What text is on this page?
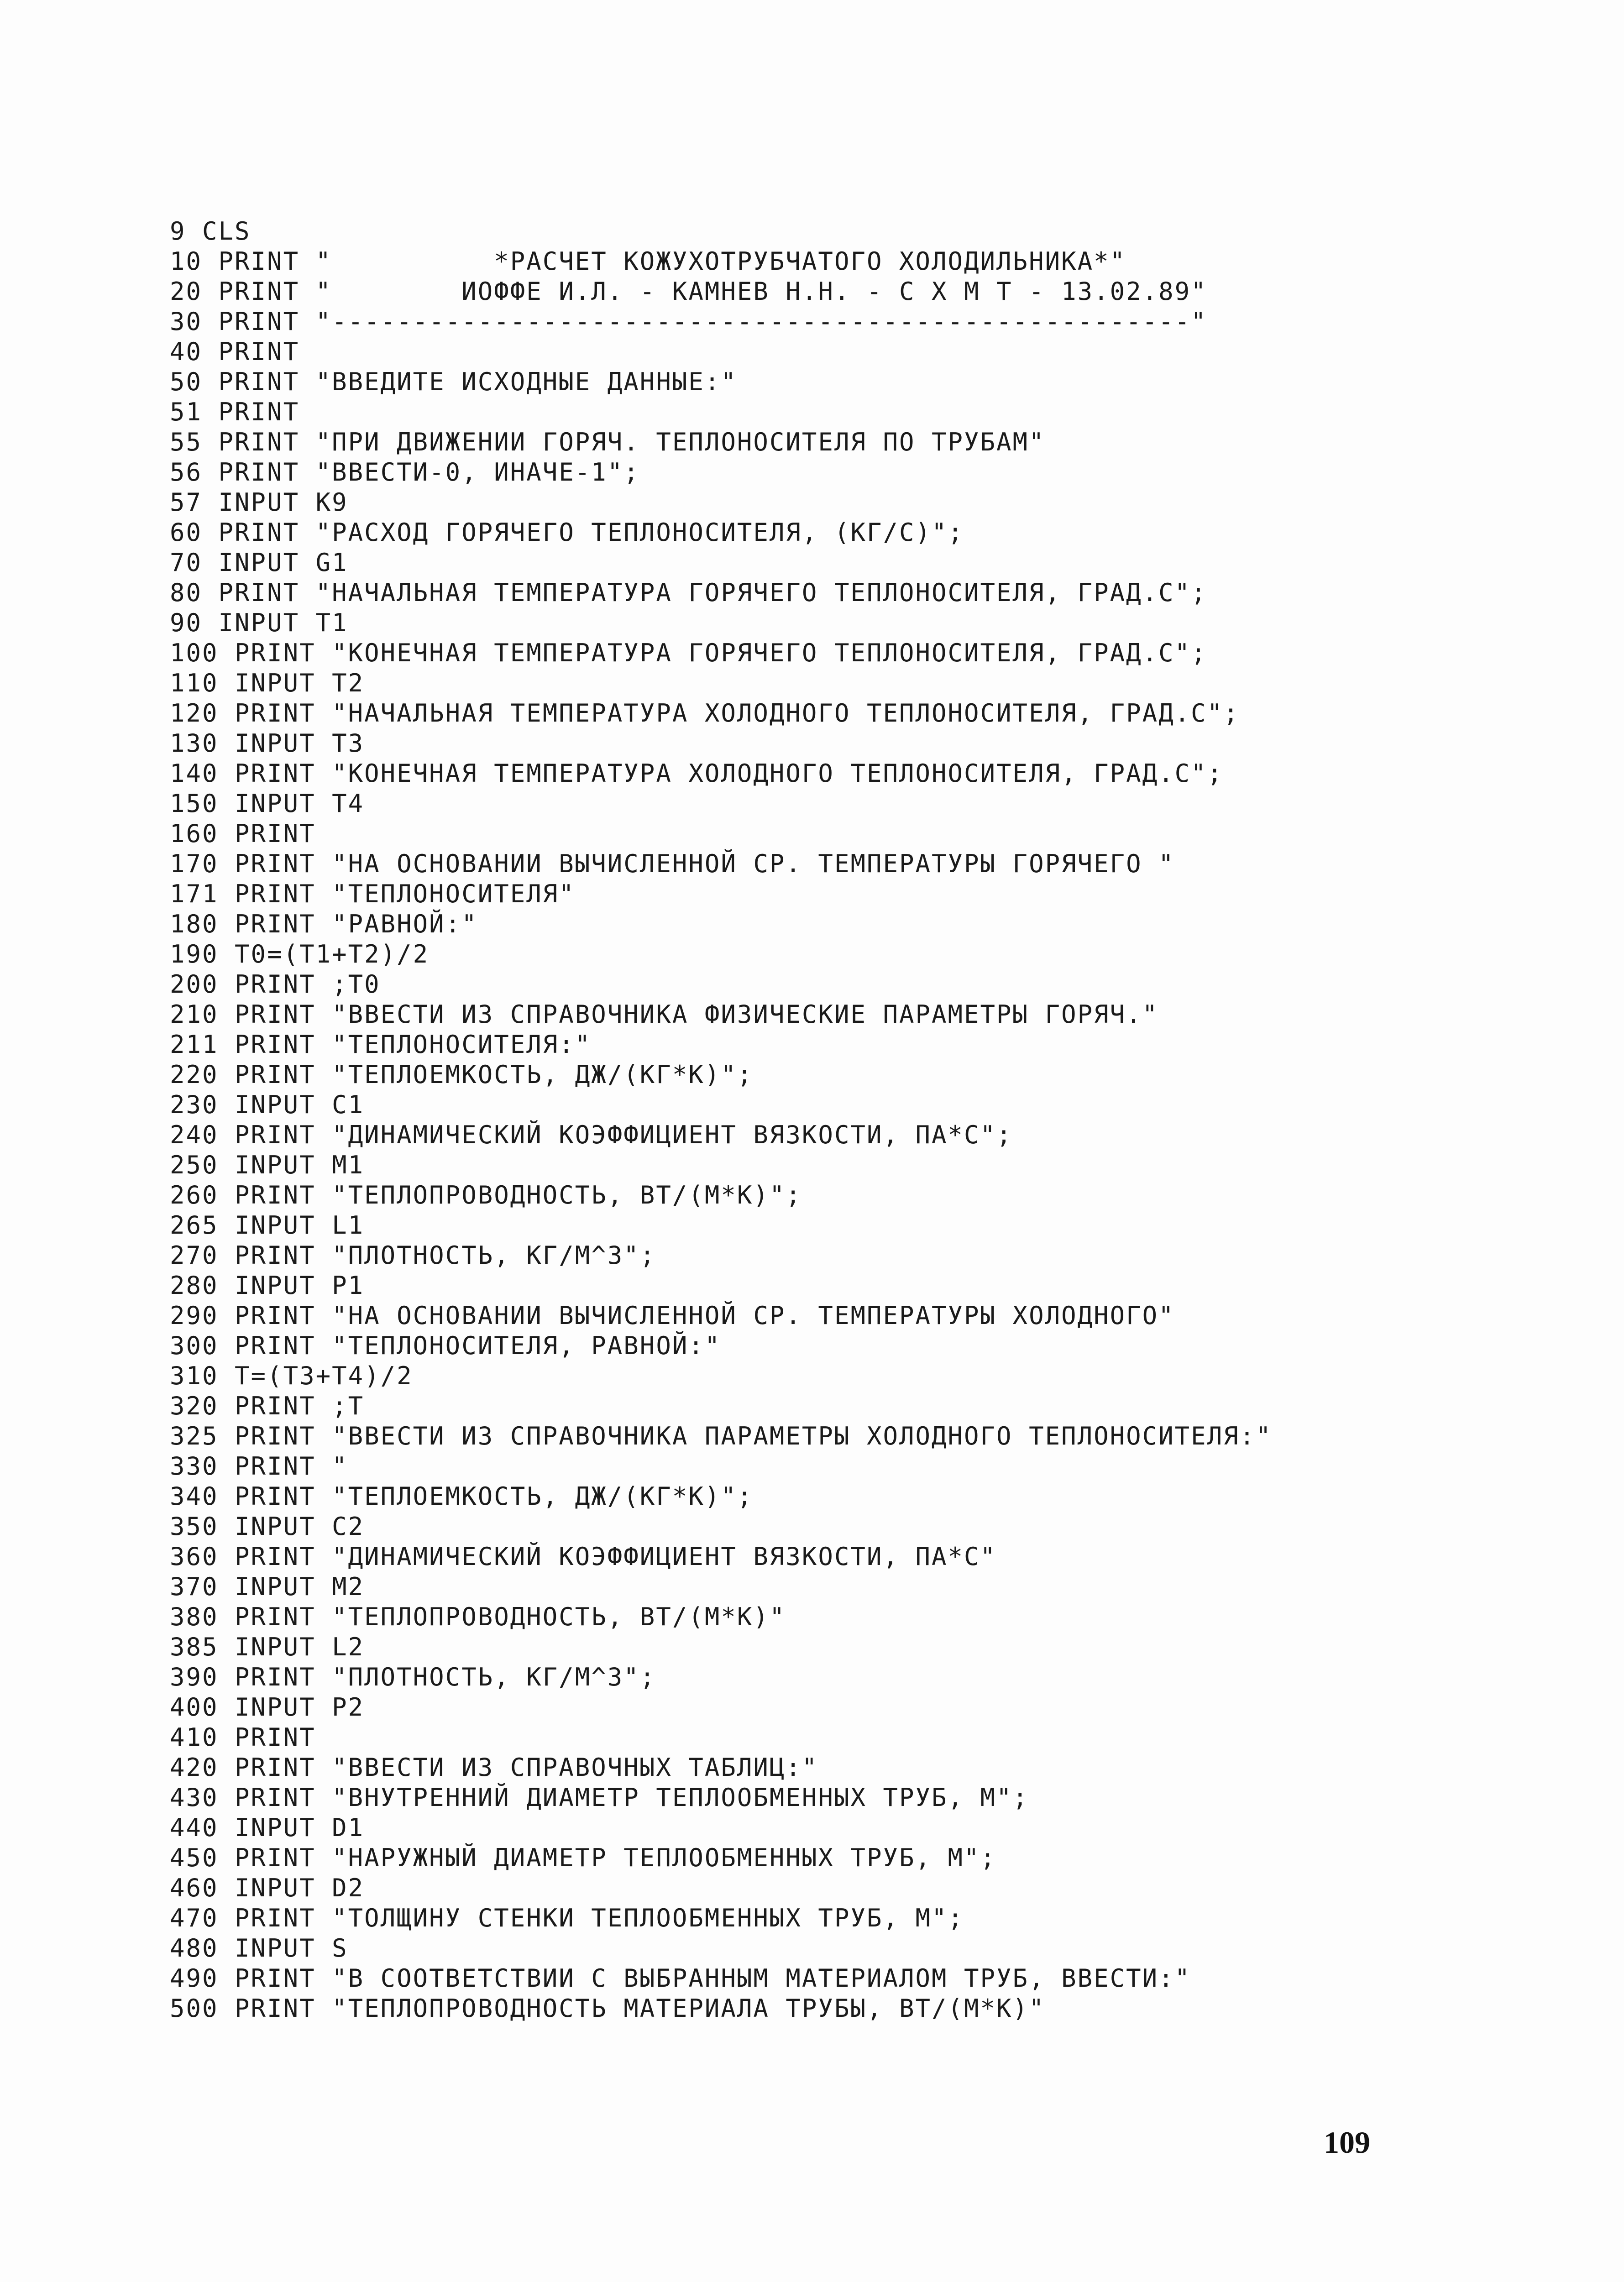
9 CLS
10 PRINT "          *РАСЧЕТ КОЖУХОТРУБЧАТОГО ХОЛОДИЛЬНИКА*"
20 PRINT "        ИОФФЕ И.Л. - КАМНЕВ Н.Н. - С Х М Т - 13.02.89"
30 PRINT "-----------------------------------------------------"
40 PRINT
50 PRINT "ВВЕДИТЕ ИСХОДНЫЕ ДАННЫЕ:"
51 PRINT
55 PRINT "ПРИ ДВИЖЕНИИ ГОРЯЧ. ТЕПЛОНОСИТЕЛЯ ПО ТРУБАМ"
56 PRINT "ВВЕСТИ-0, ИНАЧЕ-1";
57 INPUT K9
60 PRINT "РАСХОД ГОРЯЧЕГО ТЕПЛОНОСИТЕЛЯ, (КГ/С)";
70 INPUT G1
80 PRINT "НАЧАЛЬНАЯ ТЕМПЕРАТУРА ГОРЯЧЕГО ТЕПЛОНОСИТЕЛЯ, ГРАД.С";
90 INPUT T1
100 PRINT "КОНЕЧНАЯ ТЕМПЕРАТУРА ГОРЯЧЕГО ТЕПЛОНОСИТЕЛЯ, ГРАД.С";
110 INPUT T2
120 PRINT "НАЧАЛЬНАЯ ТЕМПЕРАТУРА ХОЛОДНОГО ТЕПЛОНОСИТЕЛЯ, ГРАД.С";
130 INPUT T3
140 PRINT "КОНЕЧНАЯ ТЕМПЕРАТУРА ХОЛОДНОГО ТЕПЛОНОСИТЕЛЯ, ГРАД.С";
150 INPUT T4
160 PRINT
170 PRINT "НА ОСНОВАНИИ ВЫЧИСЛЕННОЙ СР. ТЕМПЕРАТУРЫ ГОРЯЧЕГО "
171 PRINT "ТЕПЛОНОСИТЕЛЯ"
180 PRINT "РАВНОЙ:"
190 T0=(T1+T2)/2
200 PRINT ;T0
210 PRINT "ВВЕСТИ ИЗ СПРАВОЧНИКА ФИЗИЧЕСКИЕ ПАРАМЕТРЫ ГОРЯЧ."
211 PRINT "ТЕПЛОНОСИТЕЛЯ:"
220 PRINT "ТЕПЛОЕМКОСТЬ, ДЖ/(КГ*К)";
230 INPUT C1
240 PRINT "ДИНАМИЧЕСКИЙ КОЭФФИЦИЕНТ ВЯЗКОСТИ, ПА*С";
250 INPUT M1
260 PRINT "ТЕПЛОПРОВОДНОСТЬ, ВТ/(М*К)";
265 INPUT L1
270 PRINT "ПЛОТНОСТЬ, КГ/М^3";
280 INPUT P1
290 PRINT "НА ОСНОВАНИИ ВЫЧИСЛЕННОЙ СР. ТЕМПЕРАТУРЫ ХОЛОДНОГО"
300 PRINT "ТЕПЛОНОСИТЕЛЯ, РАВНОЙ:"
310 T=(T3+T4)/2
320 PRINT ;T
325 PRINT "ВВЕСТИ ИЗ СПРАВОЧНИКА ПАРАМЕТРЫ ХОЛОДНОГО ТЕПЛОНОСИТЕЛЯ:"
330 PRINT "
340 PRINT "ТЕПЛОЕМКОСТЬ, ДЖ/(КГ*К)";
350 INPUT C2
360 PRINT "ДИНАМИЧЕСКИЙ КОЭФФИЦИЕНТ ВЯЗКОСТИ, ПА*С"
370 INPUT M2
380 PRINT "ТЕПЛОПРОВОДНОСТЬ, ВТ/(М*К)"
385 INPUT L2
390 PRINT "ПЛОТНОСТЬ, КГ/М^3";
400 INPUT P2
410 PRINT
420 PRINT "ВВЕСТИ ИЗ СПРАВОЧНЫХ ТАБЛИЦ:"
430 PRINT "ВНУТРЕННИЙ ДИАМЕТР ТЕПЛООБМЕННЫХ ТРУБ, М";
440 INPUT D1
450 PRINT "НАРУЖНЫЙ ДИАМЕТР ТЕПЛООБМЕННЫХ ТРУБ, М";
460 INPUT D2
470 PRINT "ТОЛЩИНУ СТЕНКИ ТЕПЛООБМЕННЫХ ТРУБ, М";
480 INPUT S
490 PRINT "В СООТВЕТСТВИИ С ВЫБРАННЫМ МАТЕРИАЛОМ ТРУБ, ВВЕСТИ:"
500 PRINT "ТЕПЛОПРОВОДНОСТЬ МАТЕРИАЛА ТРУБЫ, ВТ/(М*К)"
109
